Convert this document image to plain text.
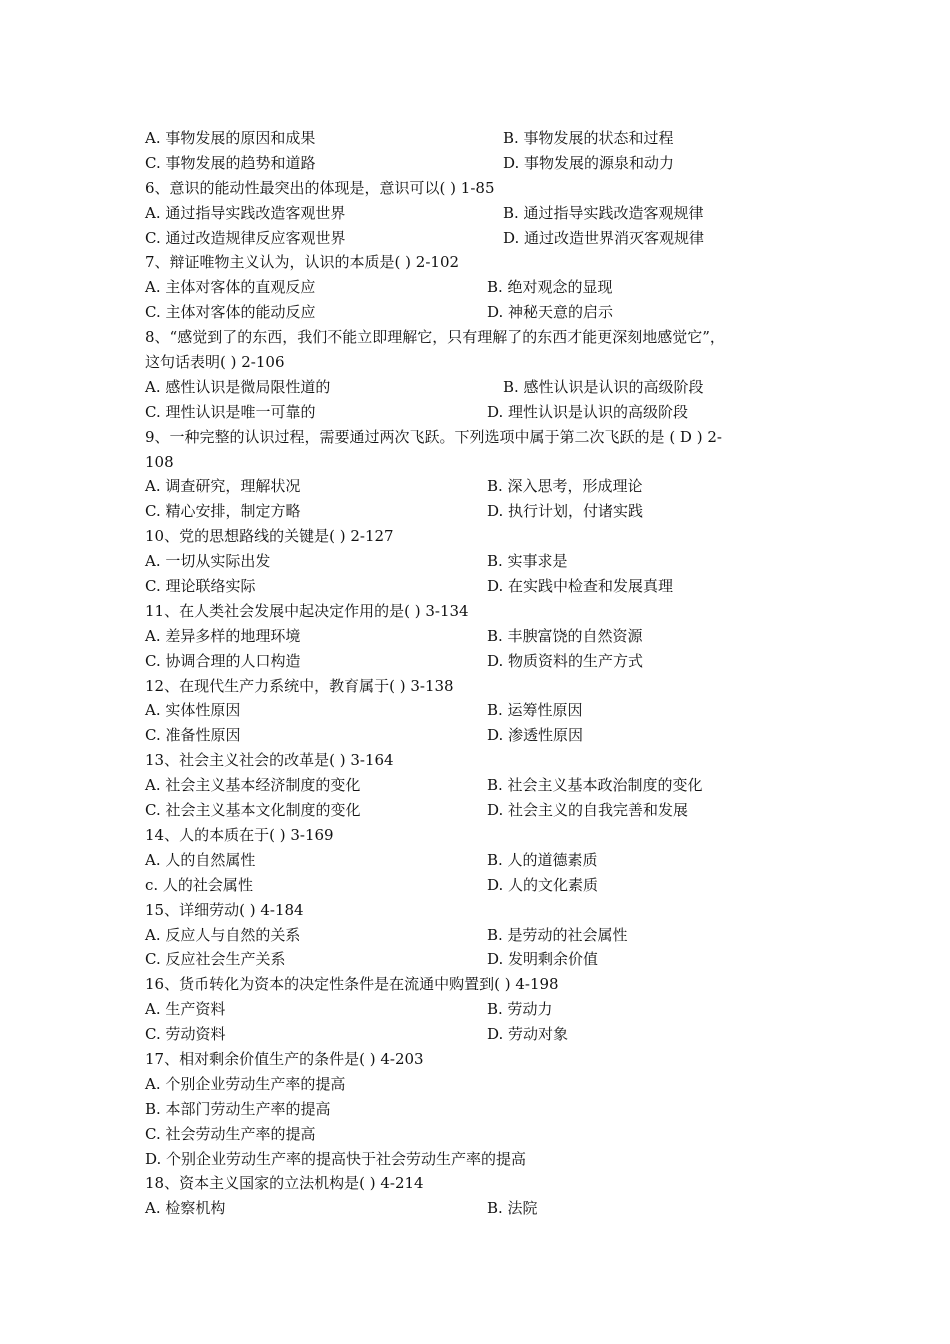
A. 事物发展的原因和成果	B. 事物发展的状态和过程
C. 事物发展的趋势和道路	D. 事物发展的源泉和动力
6、意识的能动性最突出的体现是，意识可以( ) 1-85
A. 通过指导实践改造客观世界	B. 通过指导实践改造客观规律
C. 通过改造规律反应客观世界	D. 通过改造世界消灭客观规律
7、辩证唯物主义认为，认识的本质是( ) 2-102
A. 主体对客体的直观反应	B. 绝对观念的显现
C. 主体对客体的能动反应	D. 神秘天意的启示
8、“感觉到了的东西，我们不能立即理解它，只有理解了的东西才能更深刻地感觉它”，
这句话表明( ) 2-106
A. 感性认识是微局限性道的	B. 感性认识是认识的高级阶段
C. 理性认识是唯一可靠的	D. 理性认识是认识的高级阶段
9、一种完整的认识过程，需要通过两次飞跃。下列选项中属于第二次飞跃的是 ( D ) 2-
108
A. 调查研究，理解状况	B. 深入思考，形成理论
C. 精心安排，制定方略	D. 执行计划，付诸实践
10、党的思想路线的关键是( ) 2-127
A. 一切从实际出发	B. 实事求是
C. 理论联络实际	D. 在实践中检查和发展真理
11、在人类社会发展中起决定作用的是( ) 3-134
A. 差异多样的地理环境	B. 丰腴富饶的自然资源
C. 协调合理的人口构造	D. 物质资料的生产方式
12、在现代生产力系统中，教育属于( ) 3-138
A. 实体性原因	B. 运筹性原因
C. 准备性原因	D. 渗透性原因
13、社会主义社会的改革是( ) 3-164
A. 社会主义基本经济制度的变化	B. 社会主义基本政治制度的变化
C. 社会主义基本文化制度的变化	D. 社会主义的自我完善和发展
14、人的本质在于( ) 3-169
A. 人的自然属性	B. 人的道德素质
c. 人的社会属性	D. 人的文化素质
15、详细劳动( ) 4-184
A. 反应人与自然的关系	B. 是劳动的社会属性
C. 反应社会生产关系	D. 发明剩余价值
16、货币转化为资本的决定性条件是在流通中购置到( ) 4-198
A. 生产资料	B. 劳动力
C. 劳动资料	D. 劳动对象
17、相对剩余价值生产的条件是( ) 4-203
A. 个别企业劳动生产率的提高
B. 本部门劳动生产率的提高
C. 社会劳动生产率的提高
D. 个别企业劳动生产率的提高快于社会劳动生产率的提高
18、资本主义国家的立法机构是( ) 4-214
A. 检察机构	B. 法院
